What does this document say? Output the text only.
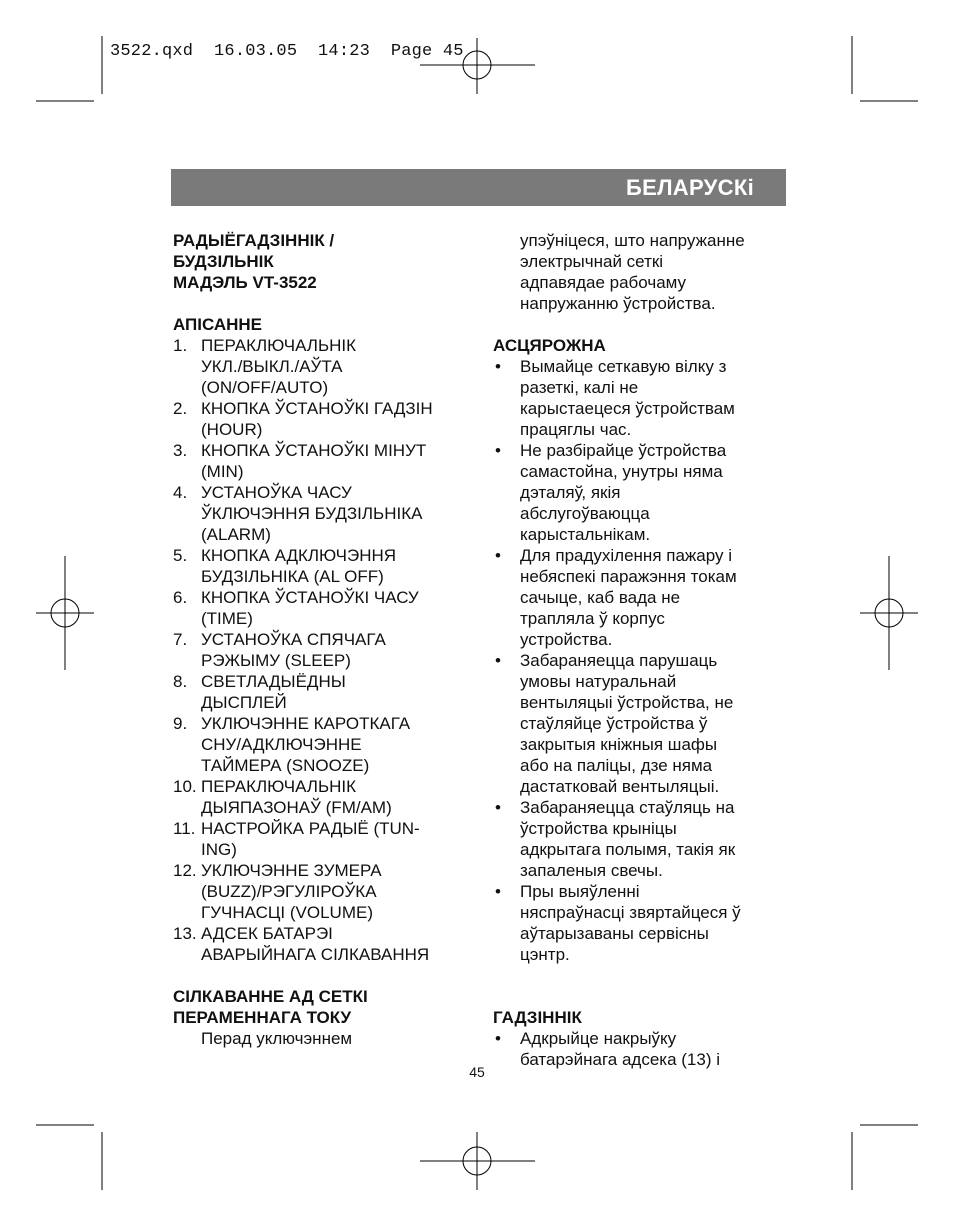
3522.qxd  16.03.05  14:23  Page 45
БЕЛАРУСКі
РАДЫЁГАДЗІННІК /
БУДЗІЛЬНІК
МАДЭЛЬ VT-3522
АПІСАННЕ
1. ПЕРАКЛЮЧАЛЬНІК
УКЛ./ВЫКЛ./АЎТА
(ON/OFF/AUTO)
2. КНОПКА ЎСТАНОЎКІ ГАДЗІН
(HOUR)
3. КНОПКА ЎСТАНОЎКІ МІНУТ
(MIN)
4. УСТАНОЎКА ЧАСУ
ЎКЛЮЧЭННЯ БУДЗІЛЬНІКА
(ALARM)
5. КНОПКА АДКЛЮЧЭННЯ
БУДЗІЛЬНІКА (AL OFF)
6. КНОПКА ЎСТАНОЎКІ ЧАСУ
(TIME)
7. УСТАНОЎКА СПЯЧАГА
РЭЖЫМУ (SLEEP)
8. СВЕТЛАДЫЁДНЫ
ДЫСПЛЕЙ
9. УКЛЮЧЭННЕ КАРОТКАГА
СНУ/АДКЛЮЧЭННЕ
ТАЙМЕРА (SNOOZE)
10. ПЕРАКЛЮЧАЛЬНІК
ДЫЯПАЗОНАЎ (FM/AM)
11. НАСТРОЙКА РАДЫЁ (TUN-
ING)
12. УКЛЮЧЭННЕ ЗУМЕРА
(BUZZ)/РЭГУЛІРОЎКА
ГУЧНАСЦІ (VOLUME)
13. АДСЕК БАТАРЭІ
АВАРЫЙНАГА СІЛКАВАННЯ
СІЛКАВАННЕ АД СЕТКІ
ПЕРАМЕННАГА ТОКУ
Перад уключэннем
упэўніцеся, што напружанне
электрычнай сеткі
адпавядае рабочаму
напружанню ўстройства.
АСЦЯРОЖНА
•	Вымайце сеткавую вілку з
разеткі, калі не
карыстаецеся ўстройствам
працяглы час.
•	Не разбірайце ўстройства
самастойна, унутры няма
дэталяў, якія
абслугоўваюцца
карыстальнікам.
•	Для прадухілення пажару і
небяспекі паражэння токам
сачыце, каб вада не
трапляла ў корпус
устройства.
•	Забараняецца парушаць
умовы натуральнай
вентыляцыі ўстройства, не
стаўляйце ўстройства ў
закрытыя кніжныя шафы
або на паліцы, дзе няма
дастатковай вентыляцыі.
•	Забараняецца стаўляць на
ўстройства крыніцы
адкрытага полымя, такія як
запаленыя свечы.
•	Пры выяўленні
няспраўнасці звяртайцеся ў
аўтарызаваны сервісны
цэнтр.
ГАДЗІННІК
•	Адкрыйце накрыўку
батарэйнага адсека (13) і
45
